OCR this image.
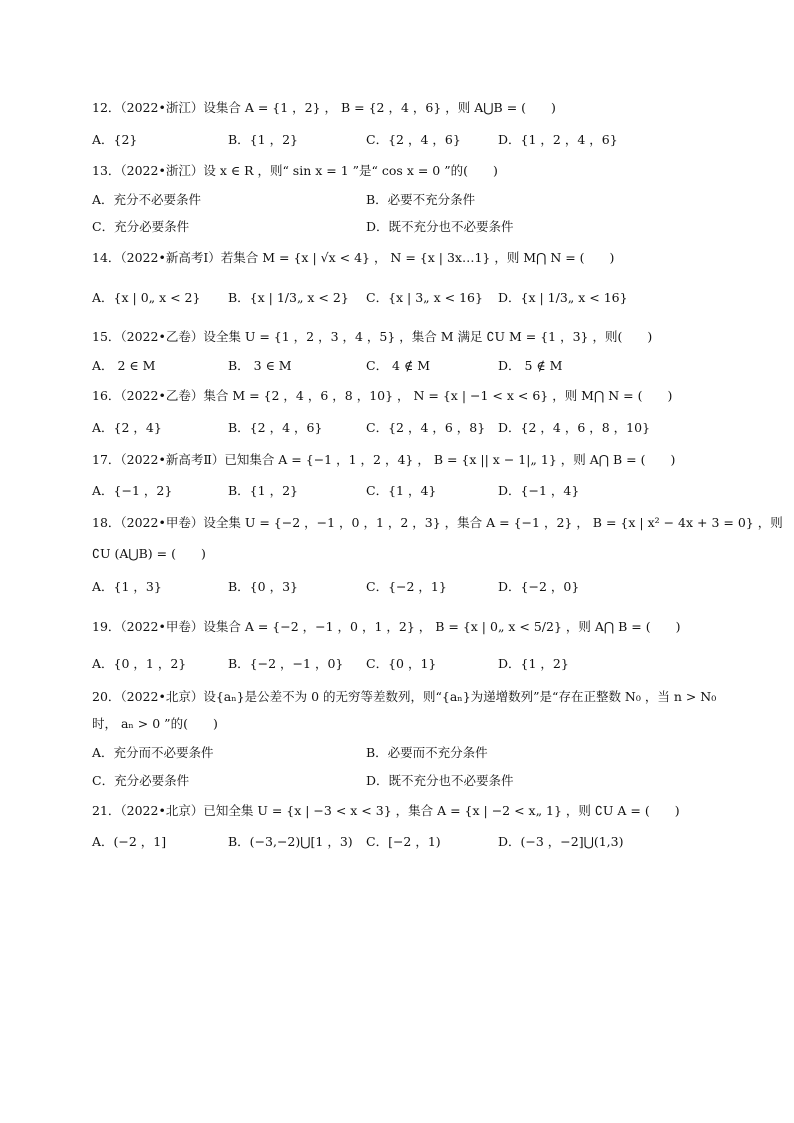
12．（2022•浙江）设集合 A = {1 ，2} ， B = {2 ，4 ，6} ，则 A⋃B = (　　)
A．{2}	B．{1 ，2}	C．{2 ，4 ，6}	D．{1 ，2 ，4 ，6}
13．（2022•浙江）设 x ∈ R ，则“ sin x = 1 ”是“ cos x = 0 ”的(　　)
A．充分不必要条件	B．必要不充分条件
C．充分必要条件	D．既不充分也不必要条件
14．（2022•新高考Ⅰ）若集合 M = {x | √x < 4} ， N = {x | 3x…1} ，则 M⋂ N = (　　)
A．{x | 0„ x < 2} B．{x | 1/3„ x < 2} C．{x | 3„ x < 16} D．{x | 1/3„ x < 16}
15．（2022•乙卷）设全集 U = {1 ，2 ，3 ，4 ，5} ，集合 M 满足 ∁U M = {1 ，3} ，则(　　)
A． 2 ∈ M	B． 3 ∈ M	C． 4 ∉ M	D． 5 ∉ M
16．（2022•乙卷）集合 M = {2 ，4 ，6 ，8 ，10} ， N = {x | −1 < x < 6} ，则 M⋂ N = (　　)
A．{2 ，4}	B．{2 ，4 ，6}	C．{2 ，4 ，6 ，8} D．{2 ，4 ，6 ，8 ，10}
17．（2022•新高考Ⅱ）已知集合 A = {−1 ，1 ，2 ，4} ， B = {x || x − 1|„ 1} ，则 A⋂ B = (　　)
A．{−1 ，2}	B．{1 ，2}	C．{1 ，4}	D．{−1 ，4}
18．（2022•甲卷）设全集 U = {−2 ，−1 ，0 ，1 ，2 ，3} ，集合 A = {−1 ，2} ， B = {x | x² − 4x + 3 = 0} ，则
∁U (A⋃B) = (　　)
A．{1 ，3}	B．{0 ，3}	C．{−2 ，1}	D．{−2 ，0}
19．（2022•甲卷）设集合 A = {−2 ，−1 ，0 ，1 ，2} ， B = {x | 0„ x < 5/2} ，则 A⋂ B = (　　)
A．{0 ，1 ，2}	B．{−2 ，−1 ，0} C．{0 ，1}	D．{1 ，2}
20．（2022•北京）设{aₙ}是公差不为 0 的无穷等差数列，则“{aₙ}为递增数列”是“存在正整数 N₀ ，当 n > N₀
时， aₙ > 0 ”的(　　)
A．充分而不必要条件	B．必要而不充分条件
C．充分必要条件	D．既不充分也不必要条件
21．（2022•北京）已知全集 U = {x | −3 < x < 3} ，集合 A = {x | −2 < x„ 1} ，则 ∁U A = (　　)
A．(−2 ，1]	B．(−3,−2)⋃[1 ，3) C．[−2 ，1)	D．(−3 ，−2]⋃(1,3)
